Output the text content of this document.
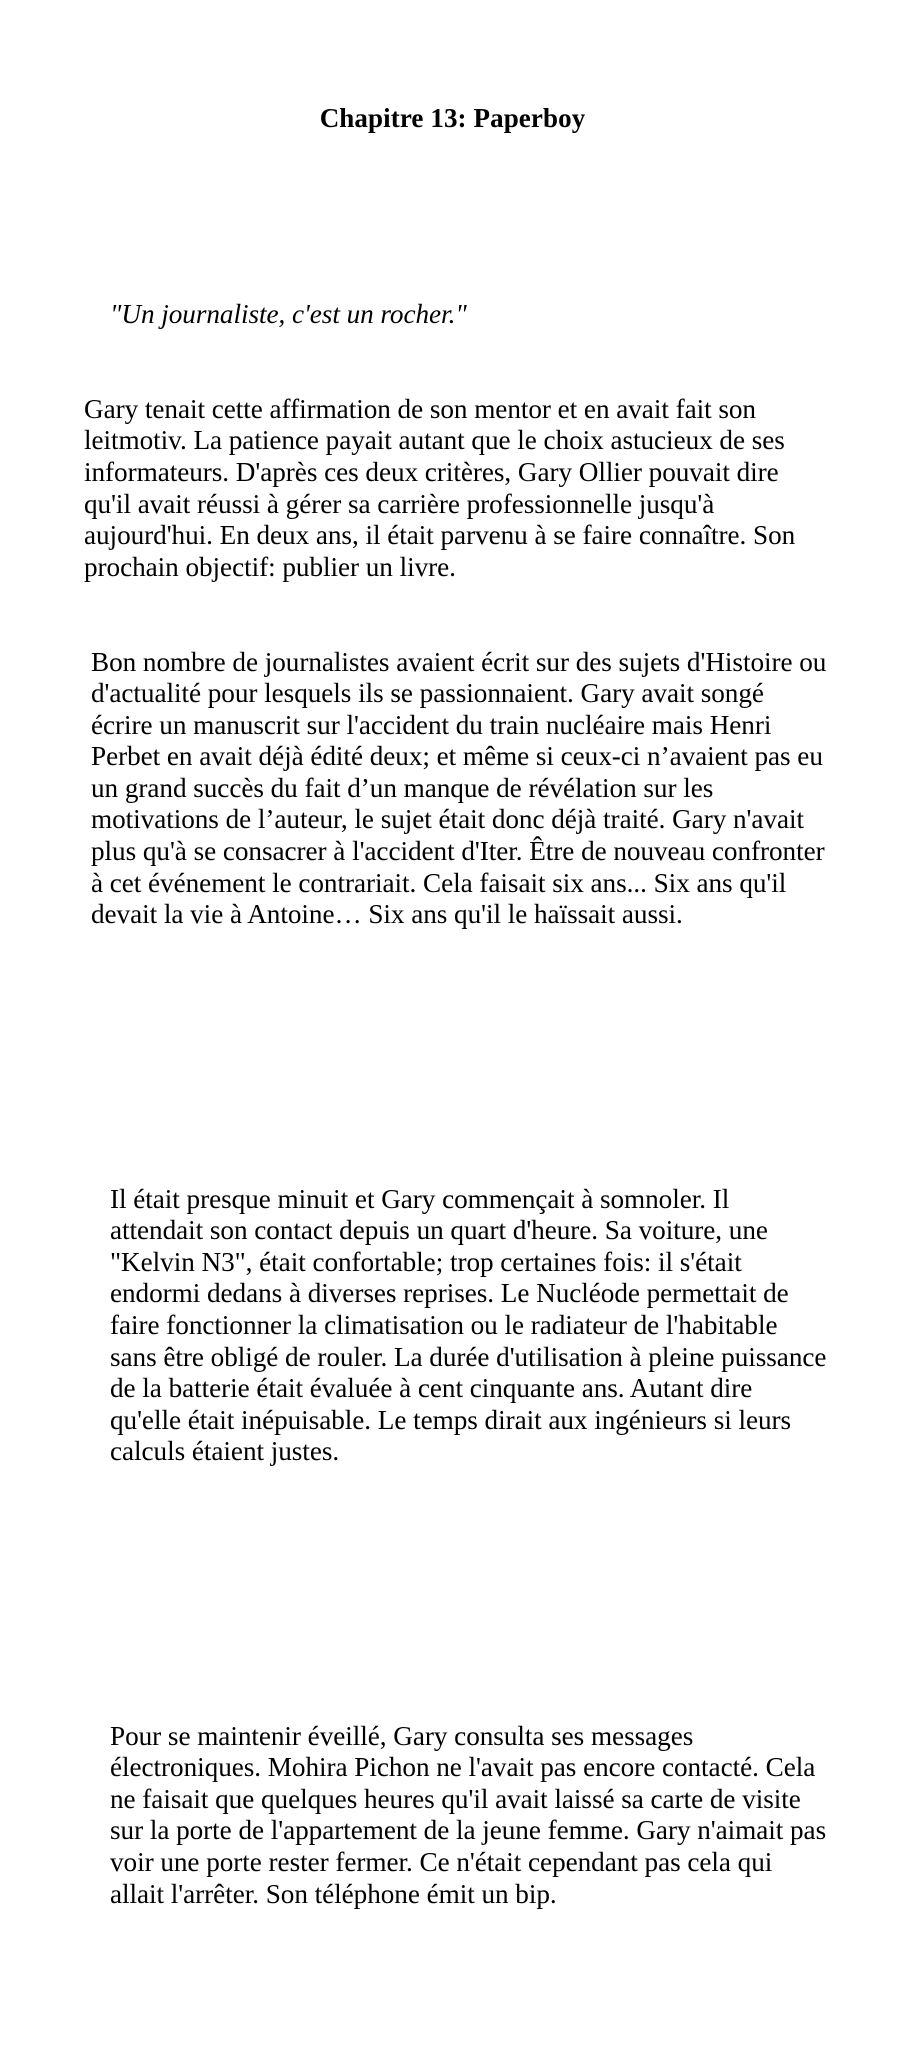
Chapitre 13: Paperboy

"Un journaliste, c'est un rocher."

Gary tenait cette affirmation de son mentor et en avait fait son leitmotiv. La patience payait autant que le choix astucieux de ses informateurs. D'après ces deux critères, Gary Ollier pouvait dire qu'il avait réussi à gérer sa carrière professionnelle jusqu'à aujourd'hui. En deux ans, il était parvenu à se faire connaître. Son prochain objectif: publier un livre.

Bon nombre de journalistes avaient écrit sur des sujets d'Histoire ou d'actualité pour lesquels ils se passionnaient. Gary avait songé écrire un manuscrit sur l'accident du train nucléaire mais Henri Perbet en avait déjà édité deux; et même si ceux-ci n’avaient pas eu un grand succès du fait d’un manque de révélation sur les motivations de l’auteur, le sujet était donc déjà traité. Gary n'avait plus qu'à se consacrer à l'accident d'Iter. Être de nouveau confronter à cet événement le contrariait. Cela faisait six ans... Six ans qu'il devait la vie à Antoine… Six ans qu'il le haïssait aussi.

Il était presque minuit et Gary commençait à somnoler. Il attendait son contact depuis un quart d'heure. Sa voiture, une "Kelvin N3", était confortable; trop certaines fois: il s'était endormi dedans à diverses reprises. Le Nucléode permettait de faire fonctionner la climatisation ou le radiateur de l'habitable sans être obligé de rouler. La durée d'utilisation à pleine puissance de la batterie était évaluée à cent cinquante ans. Autant dire qu'elle était inépuisable. Le temps dirait aux ingénieurs si leurs calculs étaient justes.

Pour se maintenir éveillé, Gary consulta ses messages électroniques. Mohira Pichon ne l'avait pas encore contacté. Cela ne faisait que quelques heures qu'il avait laissé sa carte de visite sur la porte de l'appartement de la jeune femme. Gary n'aimait pas voir une porte rester fermer. Ce n'était cependant pas cela qui allait l'arrêter. Son téléphone émit un bip.
